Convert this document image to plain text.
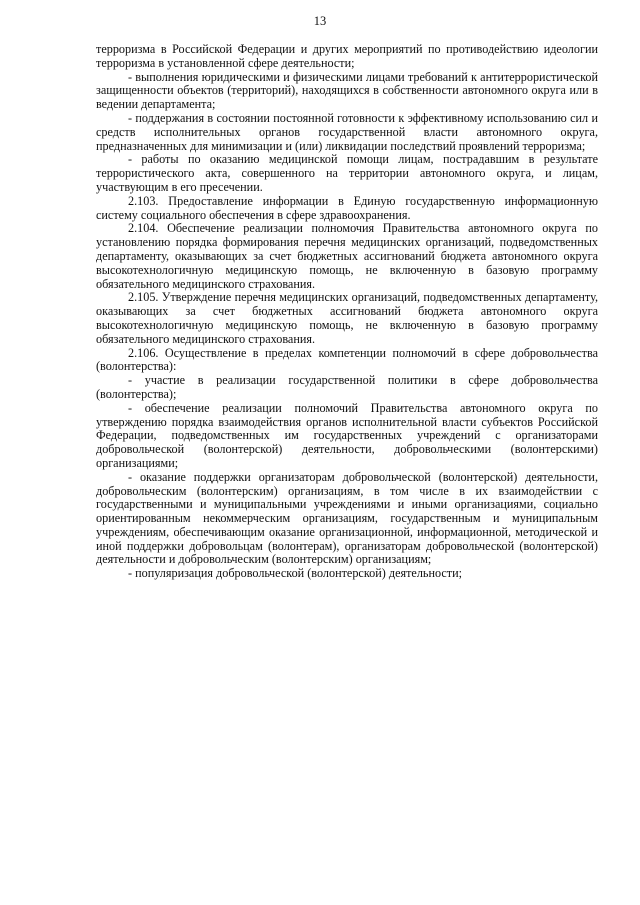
13

терроризма в Российской Федерации и других мероприятий по противодействию идеологии терроризма в установленной сфере деятельности;

- выполнения юридическими и физическими лицами требований к антитеррористической защищенности объектов (территорий), находящихся в собственности автономного округа или в ведении департамента;

- поддержания в состоянии постоянной готовности к эффективному использованию сил и средств исполнительных органов государственной власти автономного округа, предназначенных для минимизации и (или) ликвидации последствий проявлений терроризма;

- работы по оказанию медицинской помощи лицам, пострадавшим в результате террористического акта, совершенного на территории автономного округа, и лицам, участвующим в его пресечении.

2.103. Предоставление информации в Единую государственную информационную систему социального обеспечения в сфере здравоохранения.

2.104. Обеспечение реализации полномочия Правительства автономного округа по установлению порядка формирования перечня медицинских организаций, подведомственных департаменту, оказывающих за счет бюджетных ассигнований бюджета автономного округа высокотехнологичную медицинскую помощь, не включенную в базовую программу обязательного медицинского страхования.

2.105. Утверждение перечня медицинских организаций, подведомственных департаменту, оказывающих за счет бюджетных ассигнований бюджета автономного округа высокотехнологичную медицинскую помощь, не включенную в базовую программу обязательного медицинского страхования.

2.106. Осуществление в пределах компетенции полномочий в сфере добровольчества (волонтерства):

- участие в реализации государственной политики в сфере добровольчества (волонтерства);

- обеспечение реализации полномочий Правительства автономного округа по утверждению порядка взаимодействия органов исполнительной власти субъектов Российской Федерации, подведомственных им государственных учреждений с организаторами добровольческой (волонтерской) деятельности, добровольческими (волонтерскими) организациями;

- оказание поддержки организаторам добровольческой (волонтерской) деятельности, добровольческим (волонтерским) организациям, в том числе в их взаимодействии с государственными и муниципальными учреждениями и иными организациями, социально ориентированным некоммерческим организациям, государственным и муниципальным учреждениям, обеспечивающим оказание организационной, информационной, методической и иной поддержки добровольцам (волонтерам), организаторам добровольческой (волонтерской) деятельности и добровольческим (волонтерским) организациям;

- популяризация добровольческой (волонтерской) деятельности;
